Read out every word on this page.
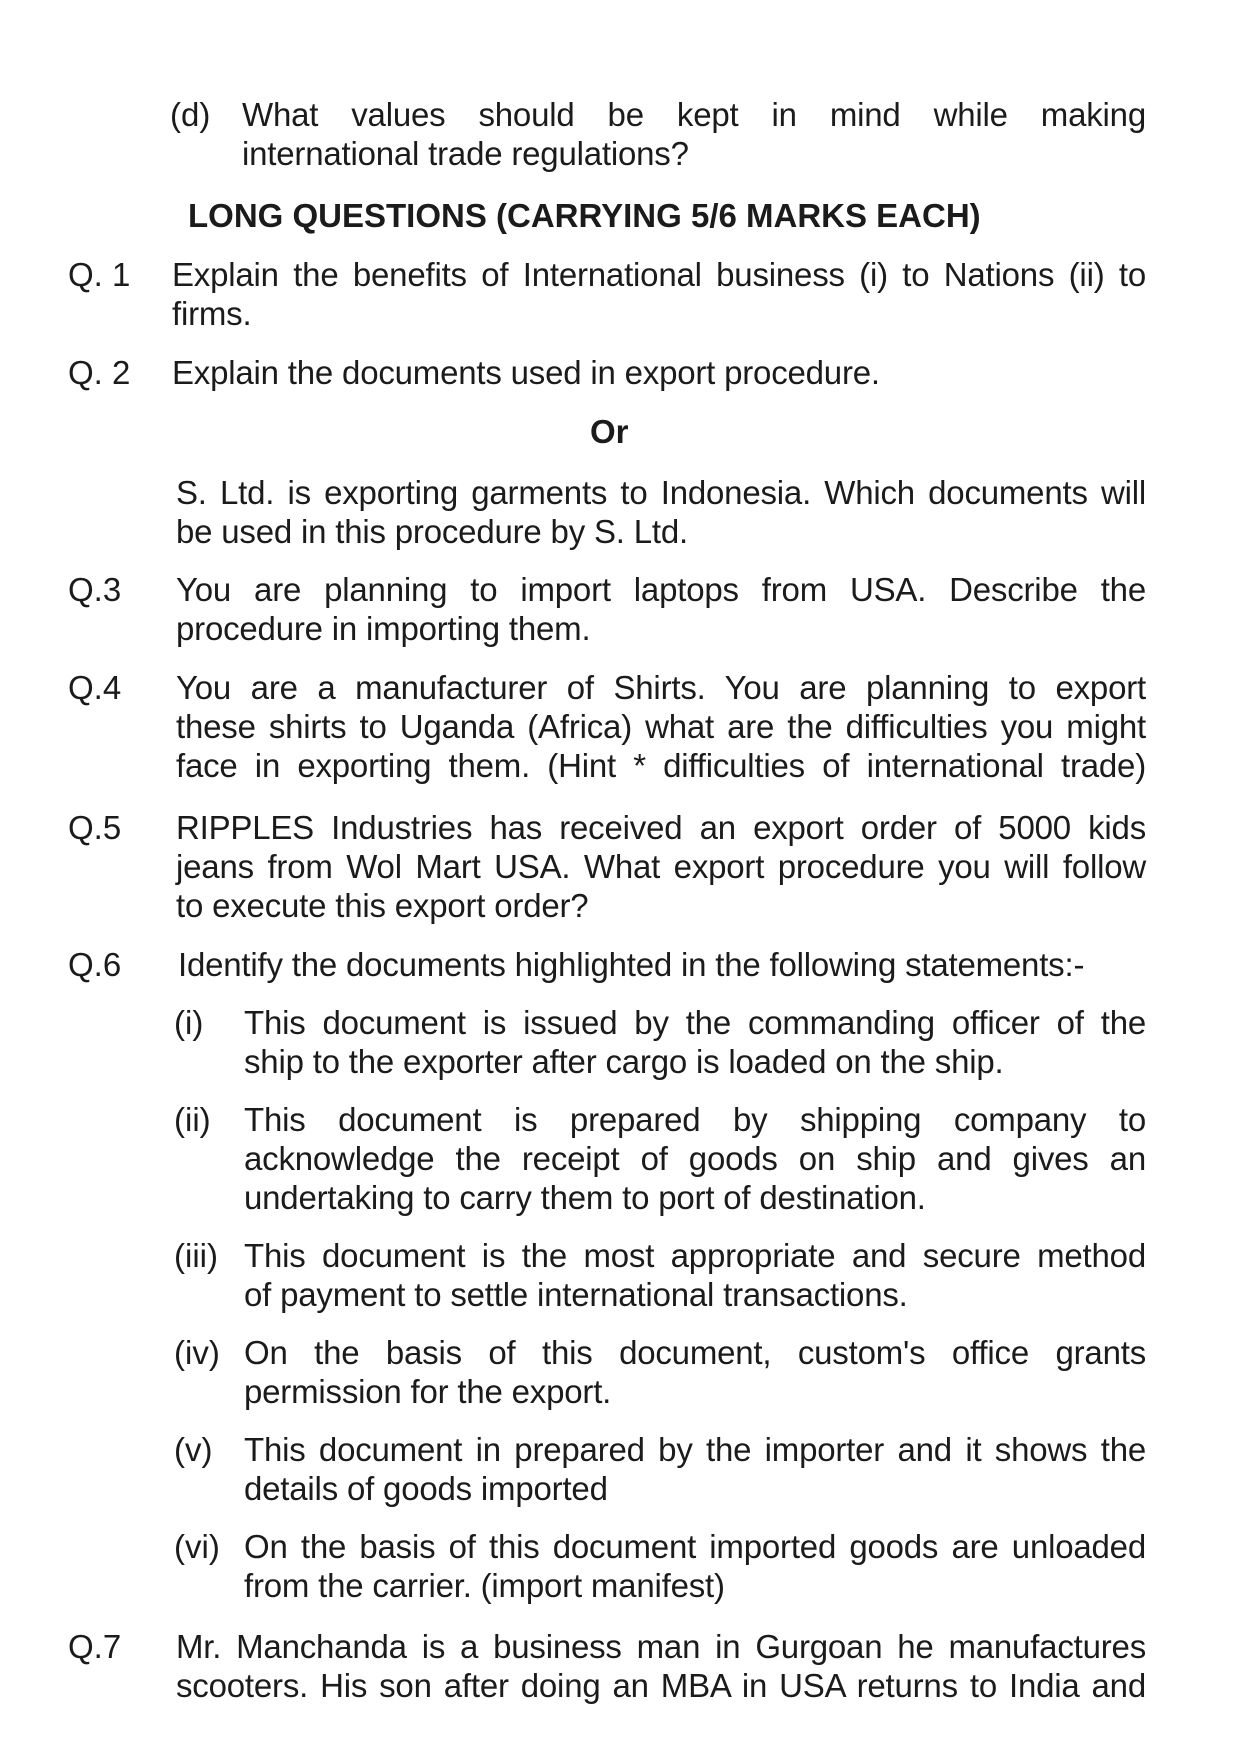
(d) What values should be kept in mind while making
international trade regulations?
LONG QUESTIONS (CARRYING 5/6 MARKS EACH)
Q. 1 Explain the benefits of International business (i) to Nations (ii) to
firms.
Q. 2 Explain the documents used in export procedure.
Or
S. Ltd. is exporting garments to Indonesia. Which documents will
be used in this procedure by S. Ltd.
Q.3 You are planning to import laptops from USA. Describe the
procedure in importing them.
Q.4 You are a manufacturer of Shirts. You are planning to export
these shirts to Uganda (Africa) what are the difficulties you might
face in exporting them. (Hint * difficulties of international trade)
Q.5 RIPPLES Industries has received an export order of 5000 kids
jeans from Wol Mart USA. What export procedure you will follow
to execute this export order?
Q.6 Identify the documents highlighted in the following statements:-
(i) This document is issued by the commanding officer of the
ship to the exporter after cargo is loaded on the ship.
(ii) This document is prepared by shipping company to
acknowledge the receipt of goods on ship and gives an
undertaking to carry them to port of destination.
(iii) This document is the most appropriate and secure method
of payment to settle international transactions.
(iv) On the basis of this document, custom's office grants
permission for the export.
(v) This document in prepared by the importer and it shows the
details of goods imported
(vi) On the basis of this document imported goods are unloaded
from the carrier. (import manifest)
Q.7 Mr. Manchanda is a business man in Gurgoan he manufactures
scooters. His son after doing an MBA in USA returns to India and
